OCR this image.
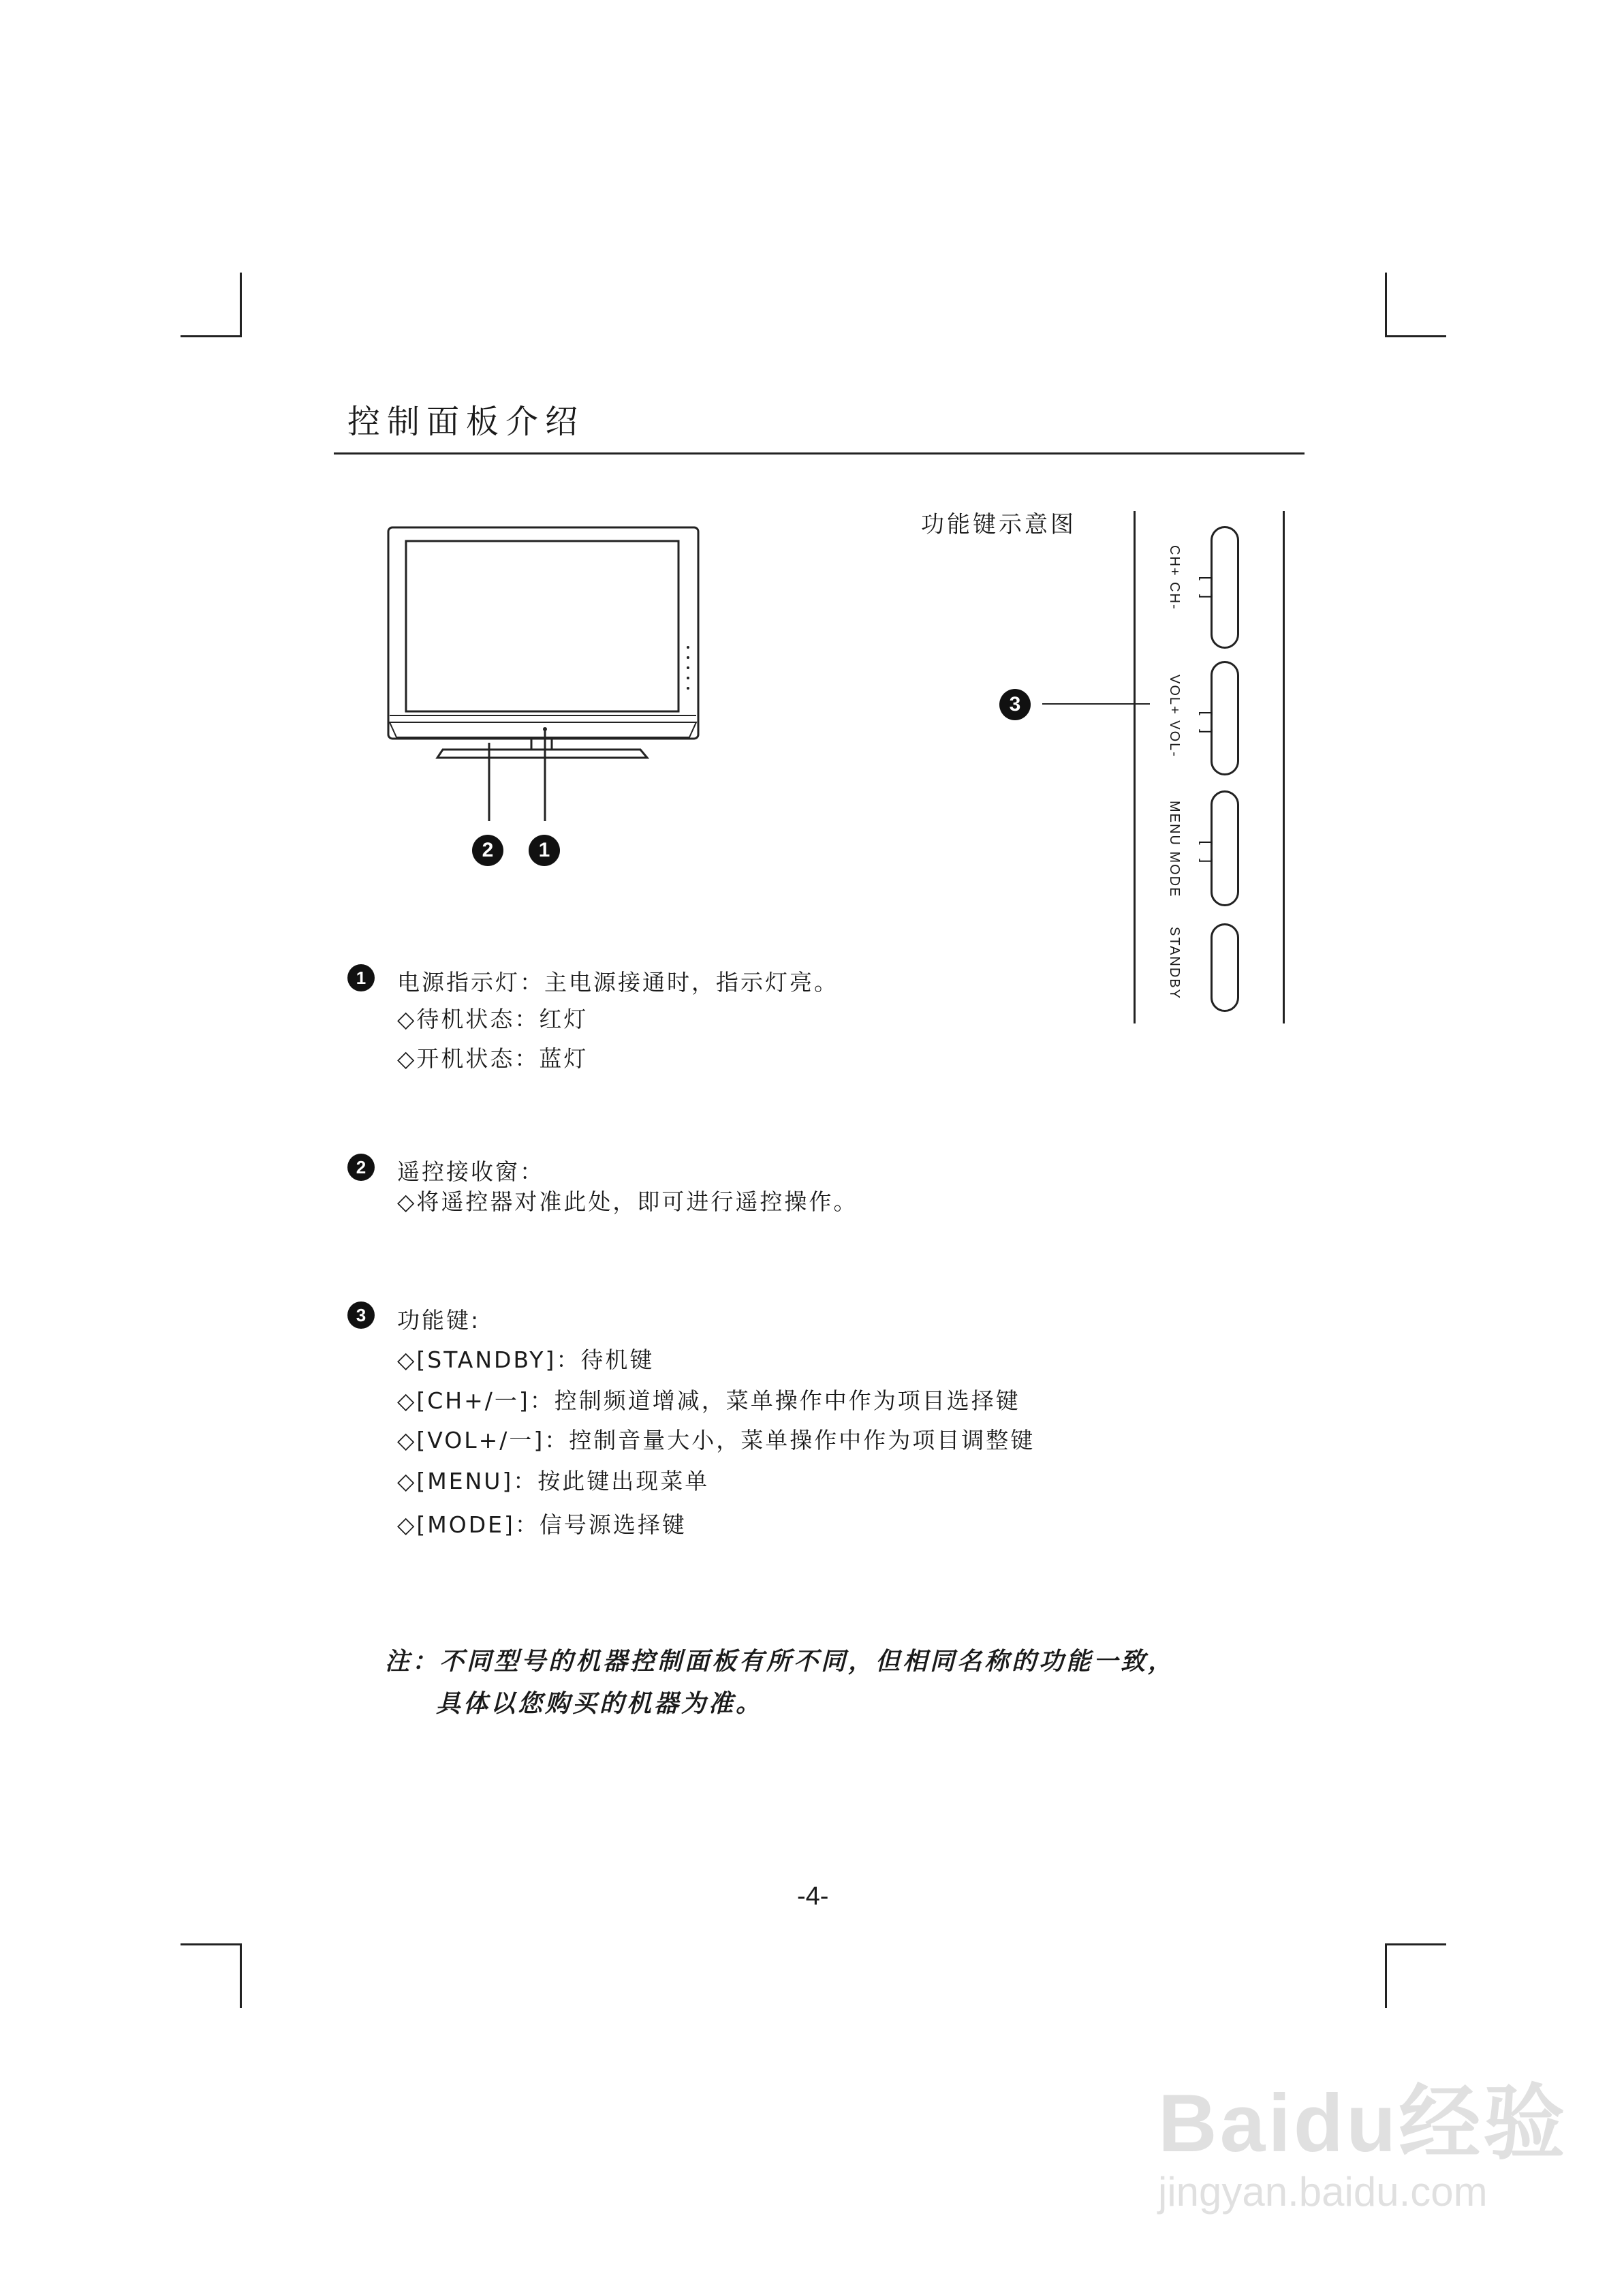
控制面板介绍
2	1
功能键示意图
3
CH+ CH- [ ]
VOL+ VOL- [ ]
MENU MODE [ ]
STANDBY
1	电源指示灯：主电源接通时，指示灯亮。
◇待机状态：红灯
◇开机状态：蓝灯
2	遥控接收窗：
◇将遥控器对准此处，即可进行遥控操作。
3	功能键:
◇[STANDBY]：待机键
◇[CH+/一]：控制频道增减，菜单操作中作为项目选择键
◇[VOL+/一]：控制音量大小，菜单操作中作为项目调整键
◇[MENU]：按此键出现菜单
◇[MODE]：信号源选择键
注：不同型号的机器控制面板有所不同，但相同名称的功能一致，
具体以您购买的机器为准。
-4-
Baidu经验
jingyan.baidu.com
